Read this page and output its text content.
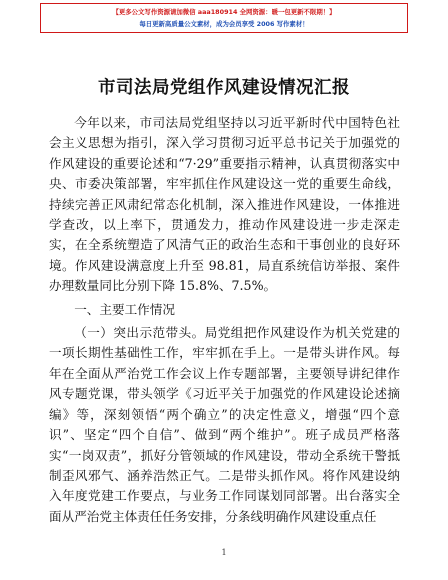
【更多公文写作资源请加微信 aaa180914 全网资源：暖一包更新不限期！】
每日更新高质量公文素材，成为会员享受 2006 写作素材！
市司法局党组作风建设情况汇报

今年以来，市司法局党组坚持以习近平新时代中国特色社会主义思想为指引，深入学习贯彻习近平总书记关于加强党的作风建设的重要论述和“7·29”重要指示精神，认真贯彻落实中央、市委决策部署，牢牢抓住作风建设这一党的重要生命线，持续完善正风肃纪常态化机制，深入推进作风建设，一体推进学查改，以上率下，贯通发力，推动作风建设进一步走深走实，在全系统塑造了风清气正的政治生态和干事创业的良好环境。作风建设满意度上升至 98.81，局直系统信访举报、案件办理数量同比分别下降 15.8%、7.5%。

一、主要工作情况

（一）突出示范带头。局党组把作风建设作为机关党建的一项长期性基础性工作，牢牢抓在手上。一是带头讲作风。每年在全面从严治党工作会议上作专题部署，主要领导讲纪律作风专题党课，带头领学《习近平关于加强党的作风建设论述摘编》等，深刻领悟“两个确立”的决定性意义，增强“四个意识”、坚定“四个自信”、做到“两个维护”。班子成员严格落实“一岗双责”，抓好分管领域的作风建设，带动全系统干警抵制歪风邪气、涵养浩然正气。二是带头抓作风。将作风建设纳入年度党建工作要点，与业务工作同谋划同部署。出台落实全面从严治党主体责任任务安排，分条线明确作风建设重点任

1
